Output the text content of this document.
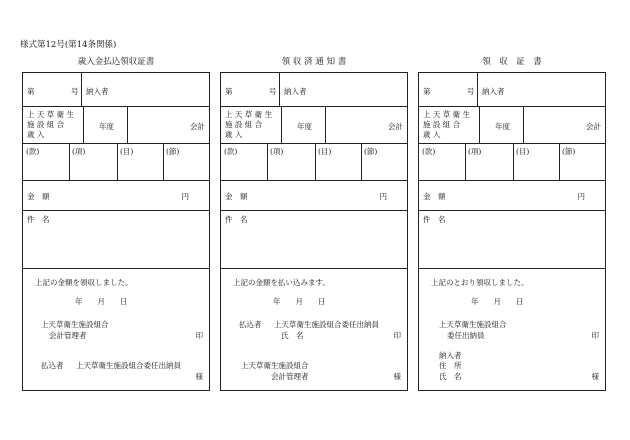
様式第12号(第14条関係)
歳入金払込領収証書
第	号 納入者
上 天 草 衛 生
施 設 組 合
歳 入
年度	会計
(款)	(項)	(目)	(節)
金　額	円
件　名
上記の金額を領収しました。
年　　月　　日
上天草衛生施設組合
会計管理者	印
払込者 上天草衛生施設組合委任出納員
様
領 収 済 通 知 書
第	号 納入者
上 天 草 衛 生
施 設 組 合
歳 入
年度	会計
(款)	(項)	(目)	(節)
金　額	円
件　名
上記の金額を払い込みます。
年　　月　　日
払込者 上天草衛生施設組合委任出納員
氏　名	印
上天草衛生施設組合
会計管理者	様
領　収　証　書
第	号 納入者
上 天 草 衛 生
施 設 組 合
歳 入
年度	会計
(款)	(項)	(目)	(節)
金　額	円
件　名
上記のとおり領収しました。
年　　月　　日
上天草衛生施設組合
委任出納員	印
納入者
住　所
氏　名	様
